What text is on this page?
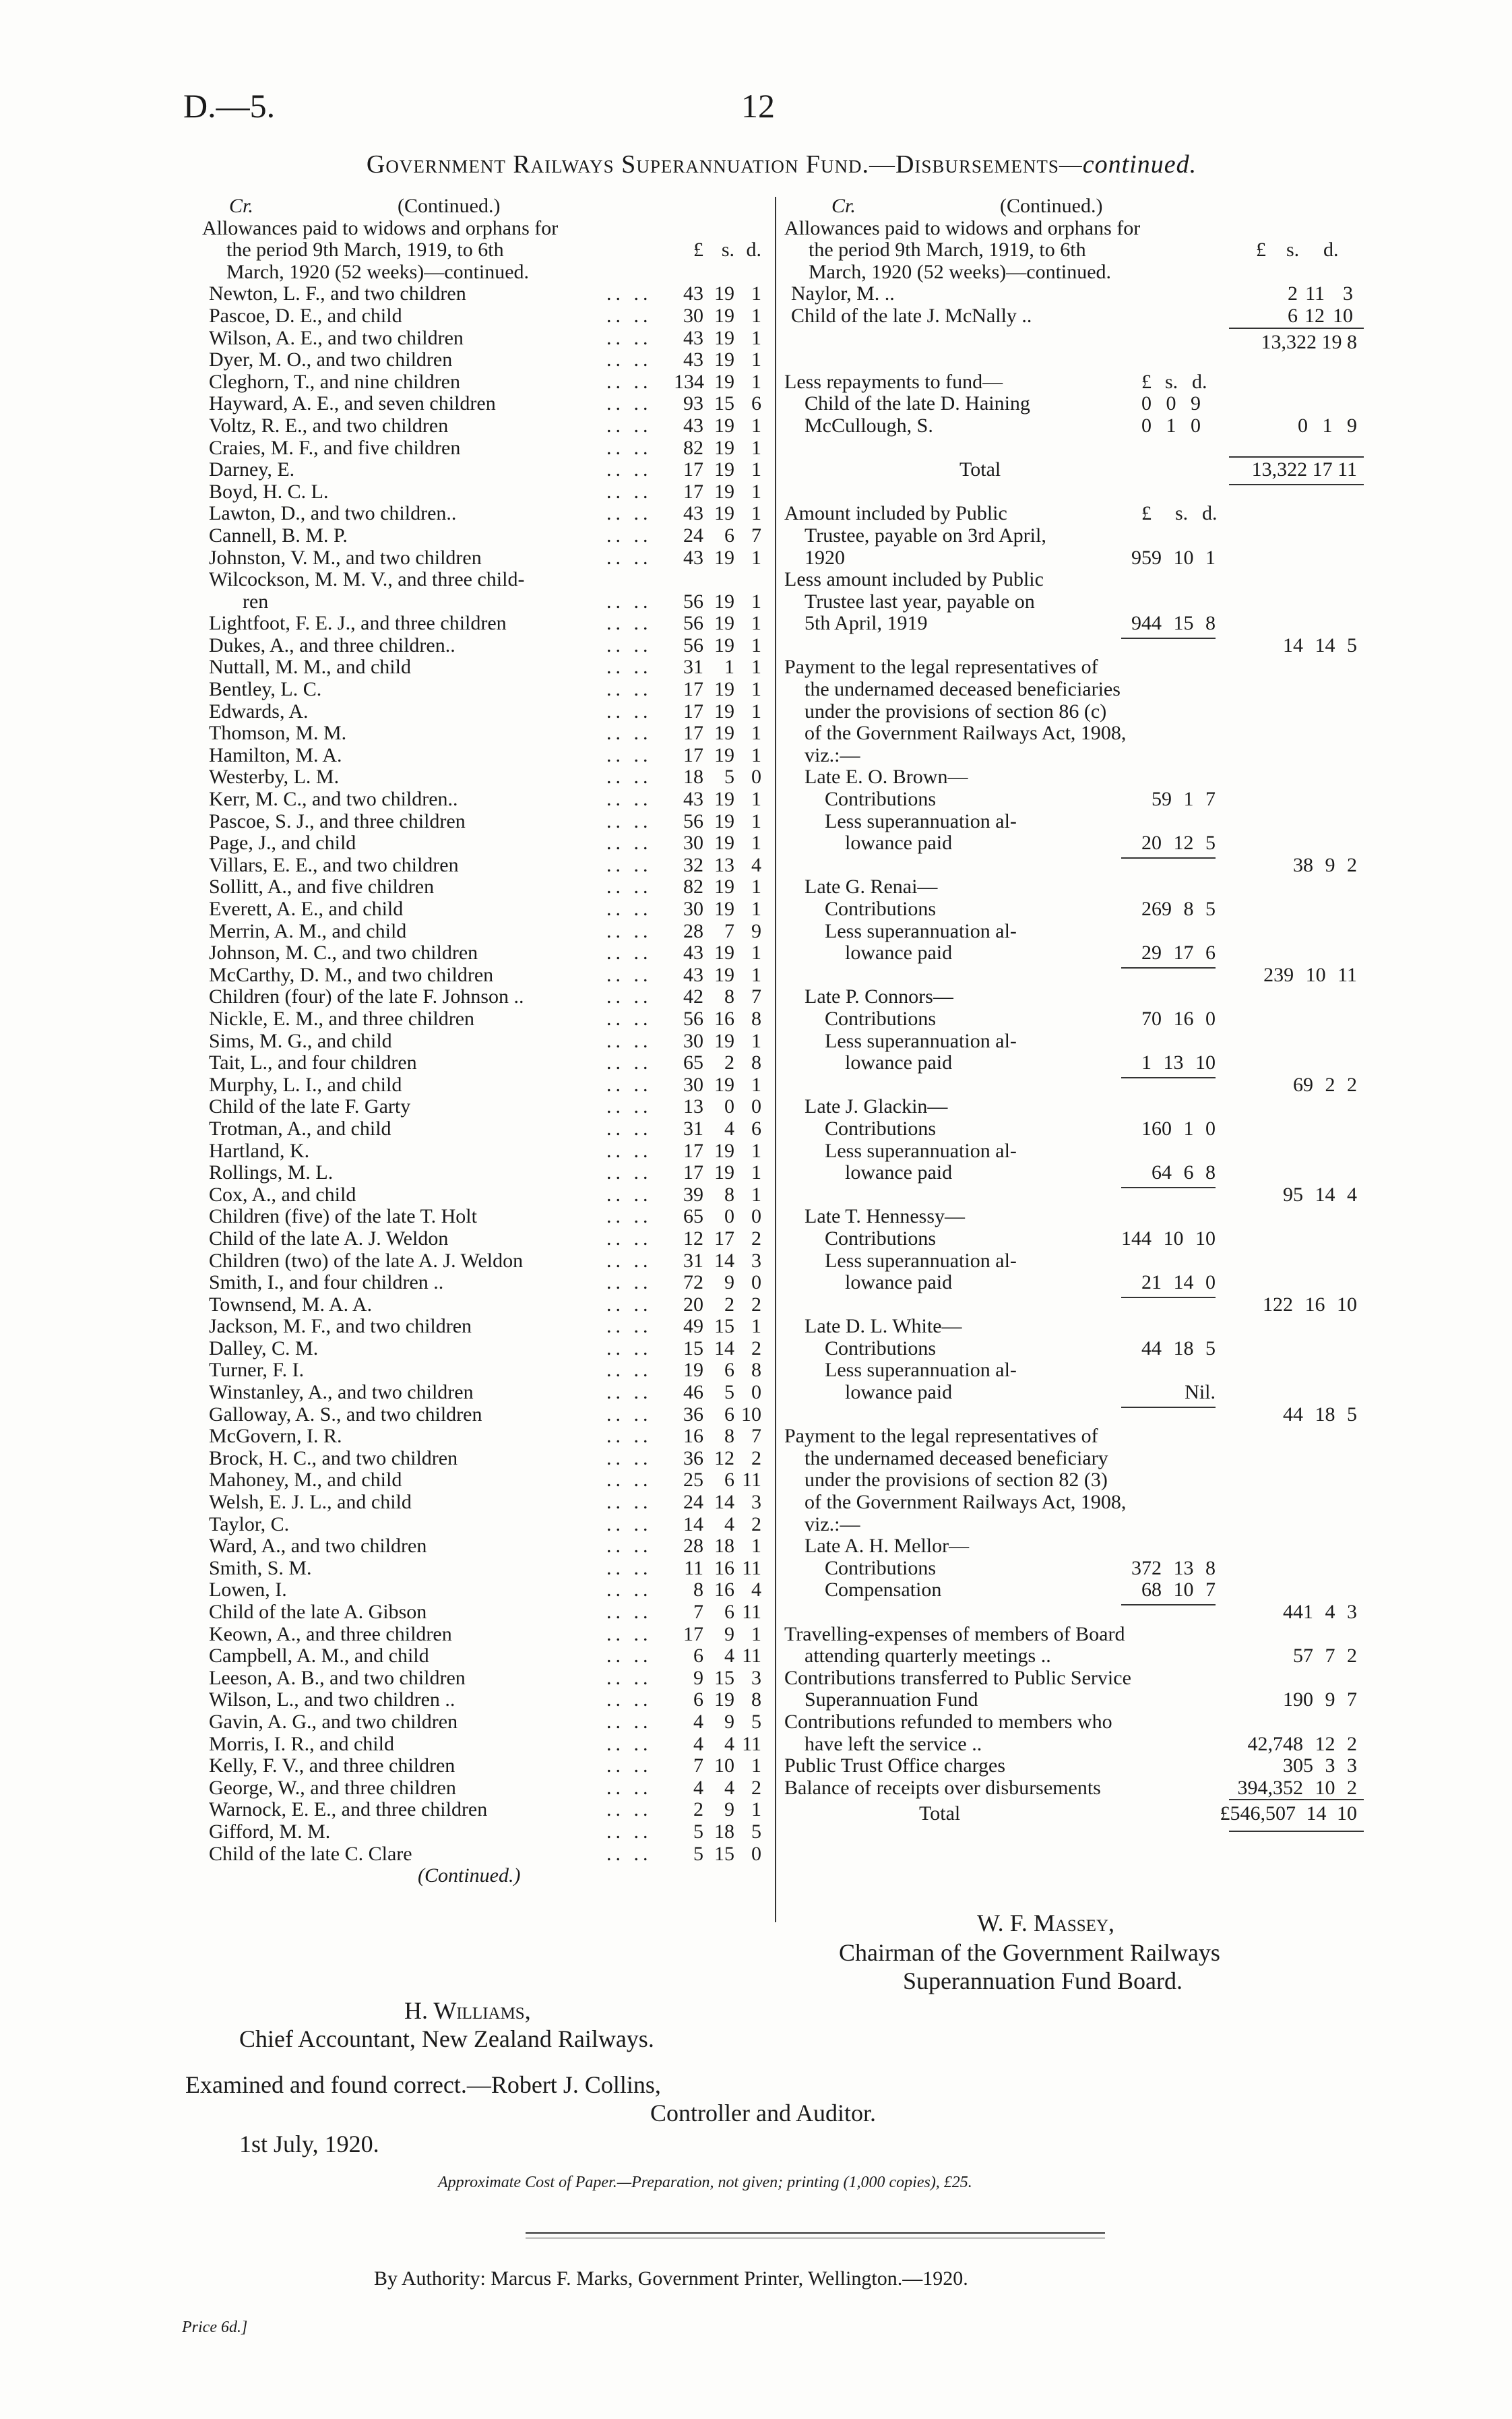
D.—5.	12
Government Railways Superannuation Fund.—Disbursements—continued.
Cr.	(Continued.)
Allowances paid to widows and orphans for
the period 9th March, 1919, to 6th	£ s. d.
March, 1920 (52 weeks)—continued.
Newton, L. F., and two children	.. ..	43 19 1
Pascoe, D. E., and child	.. ..	30 19 1
Wilson, A. E., and two children	.. ..	43 19 1
Dyer, M. O., and two children	.. ..	43 19 1
Cleghorn, T., and nine children	.. .. 134 19 1
Hayward, A. E., and seven children	.. ..	93 15 6
Voltz, R. E., and two children	.. ..	43 19 1
Craies, M. F., and five children	.. ..	82 19 1
Darney, E.	.. ..	17 19 1
Boyd, H. C. L.	.. ..	17 19 1
Lawton, D., and two children..	.. ..	43 19 1
Cannell, B. M. P.	.. ..	24	6 7
Johnston, V. M., and two children	.. ..	43 19 1
Wilcockson, M. M. V., and three child-
ren	.. ..	56 19 1
Lightfoot, F. E. J., and three children	.. ..	56 19 1
Dukes, A., and three children..	.. ..	56 19 1
Nuttall, M. M., and child	.. ..	31	1 1
Bentley, L. C.	.. ..	17 19 1
Edwards, A.	.. ..	17 19 1
Thomson, M. M.	.. ..	17 19 1
Hamilton, M. A.	.. ..	17 19 1
Westerby, L. M.	.. ..	18	5 0
Kerr, M. C., and two children..	.. ..	43 19 1
Pascoe, S. J., and three children	.. ..	56 19 1
Page, J., and child	.. ..	30 19 1
Villars, E. E., and two children	.. ..	32 13 4
Sollitt, A., and five children	.. ..	82 19 1
Everett, A. E., and child	.. ..	30 19 1
Merrin, A. M., and child	.. ..	28	7 9
Johnson, M. C., and two children	.. ..	43 19 1
McCarthy, D. M., and two children	.. ..	43 19 1
Children (four) of the late F. Johnson ..	.. ..	42	8 7
Nickle, E. M., and three children	.. ..	56 16 8
Sims, M. G., and child	.. ..	30 19 1
Tait, L., and four children	.. ..	65	2 8
Murphy, L. I., and child	.. ..	30 19 1
Child of the late F. Garty	.. ..	13	0 0
Trotman, A., and child	.. ..	31	4 6
Hartland, K.	.. ..	17 19 1
Rollings, M. L.	.. ..	17 19 1
Cox, A., and child	.. ..	39	8 1
Children (five) of the late T. Holt	.. ..	65	0 0
Child of the late A. J. Weldon	.. ..	12 17 2
Children (two) of the late A. J. Weldon	.. ..	31 14 3
Smith, I., and four children ..	.. ..	72	9 0
Townsend, M. A. A.	.. ..	20	2 2
Jackson, M. F., and two children	.. ..	49 15 1
Dalley, C. M.	.. ..	15 14 2
Turner, F. I.	.. ..	19	6 8
Winstanley, A., and two children	.. ..	46	5 0
Galloway, A. S., and two children	.. ..	36	6 10
McGovern, I. R.	.. ..	16	8 7
Brock, H. C., and two children	.. ..	36 12 2
Mahoney, M., and child	.. ..	25	6 11
Welsh, E. J. L., and child	.. ..	24 14 3
Taylor, C.	.. ..	14	4 2
Ward, A., and two children	.. ..	28 18 1
Smith, S. M.	.. ..	11 16 11
Lowen, I.	.. ..	8 16 4
Child of the late A. Gibson	.. ..	7	6 11
Keown, A., and three children	.. ..	17	9 1
Campbell, A. M., and child	.. ..	6	4 11
Leeson, A. B., and two children	.. ..	9 15 3
Wilson, L., and two children ..	.. ..	6 19 8
Gavin, A. G., and two children	.. ..	4	9 5
Morris, I. R., and child	.. ..	4	4 11
Kelly, F. V., and three children	.. ..	7 10 1
George, W., and three children	.. ..	4	4 2
Warnock, E. E., and three children	.. ..	2	9 1
Gifford, M. M.	.. ..	5 18 5
Child of the late C. Clare	.. ..	5 15 0
(Continued.)
Cr.	(Continued.)
Allowances paid to widows and orphans for
the period 9th March, 1919, to 6th	£ s. d.
March, 1920 (52 weeks)—continued.
Naylor, M. ..	2 11 3
Child of the late J. McNally ..	6 12 10
13,322 19 8
Less repayments to fund—	£ s. d.
Child of the late D. Haining	0 0 9
McCullough, S.	0 1 0	0 1 9
Total	13,322 17 11
Amount included by Public	£ s. d.
Trustee, payable on 3rd April,
1920	959 10 1
Less amount included by Public
Trustee last year, payable on
5th April, 1919	944 15 8
14 14 5
Payment to the legal representatives of
the undernamed deceased beneficiaries
under the provisions of section 86 (c)
of the Government Railways Act, 1908,
viz.:—
Late E. O. Brown—
Contributions	59 1 7
Less superannuation al-
lowance paid	20 12 5
38 9 2
Late G. Renai—
Contributions	269 8 5
Less superannuation al-
lowance paid	29 17 6
239 10 11
Late P. Connors—
Contributions	70 16 0
Less superannuation al-
lowance paid	1 13 10
69 2 2
Late J. Glackin—
Contributions	160 1 0
Less superannuation al-
lowance paid	64 6 8
95 14 4
Late T. Hennessy—
Contributions	144 10 10
Less superannuation al-
lowance paid	21 14 0
122 16 10
Late D. L. White—
Contributions	44 18 5
Less superannuation al-
lowance paid	Nil.
44 18 5
Payment to the legal representatives of
the undernamed deceased beneficiary
under the provisions of section 82 (3)
of the Government Railways Act, 1908,
viz.:—
Late A. H. Mellor—
Contributions	372 13 8
Compensation	68 10 7
441 4 3
Travelling-expenses of members of Board
attending quarterly meetings ..	57 7 2
Contributions transferred to Public Service
Superannuation Fund	190 9 7
Contributions refunded to members who
have left the service ..	42,748 12 2
Public Trust Office charges	305 3 3
Balance of receipts over disbursements	394,352 10 2
Total	£546,507 14 10
W. F. Massey,
Chairman of the Government Railways
Superannuation Fund Board.
H. Williams,
Chief Accountant, New Zealand Railways.
Examined and found correct.—Robert J. Collins,
Controller and Auditor.
1st July, 1920.
Approximate Cost of Paper.—Preparation, not given; printing (1,000 copies), £25.
By Authority: Marcus F. Marks, Government Printer, Wellington.—1920.
Price 6d.]
